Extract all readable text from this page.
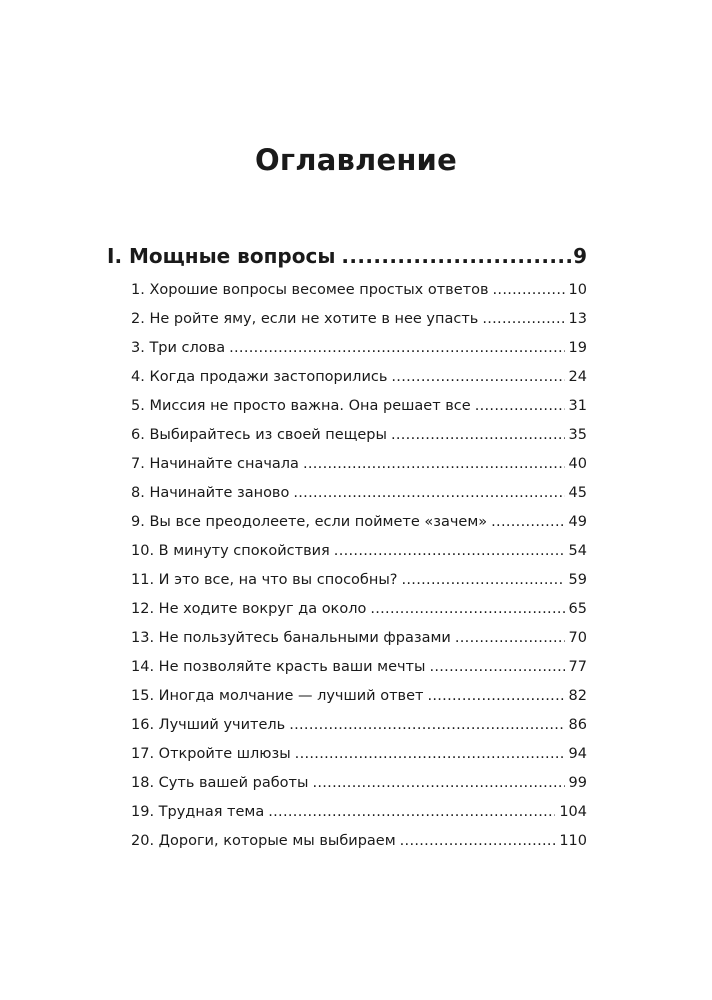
Оглавление
I. Мощные вопросы .....	9
1. Хорошие вопросы весомее простых ответов .....	10
2. Не ройте яму, если не хотите в нее упасть .....	13
3. Три слова .....	19
4. Когда продажи застопорились .....	24
5. Миссия не просто важна. Она решает все .....	31
6. Выбирайтесь из своей пещеры .....	35
7. Начинайте сначала .....	40
8. Начинайте заново .....	45
9. Вы все преодолеете, если поймете «зачем» .....	49
10. В минуту спокойствия .....	54
11. И это все, на что вы способны? .....	59
12. Не ходите вокруг да около .....	65
13. Не пользуйтесь банальными фразами .....	70
14. Не позволяйте красть ваши мечты .....	77
15. Иногда молчание — лучший ответ .....	82
16. Лучший учитель .....	86
17. Откройте шлюзы .....	94
18. Суть вашей работы .....	99
19. Трудная тема .....	104
20. Дороги, которые мы выбираем .....	110
